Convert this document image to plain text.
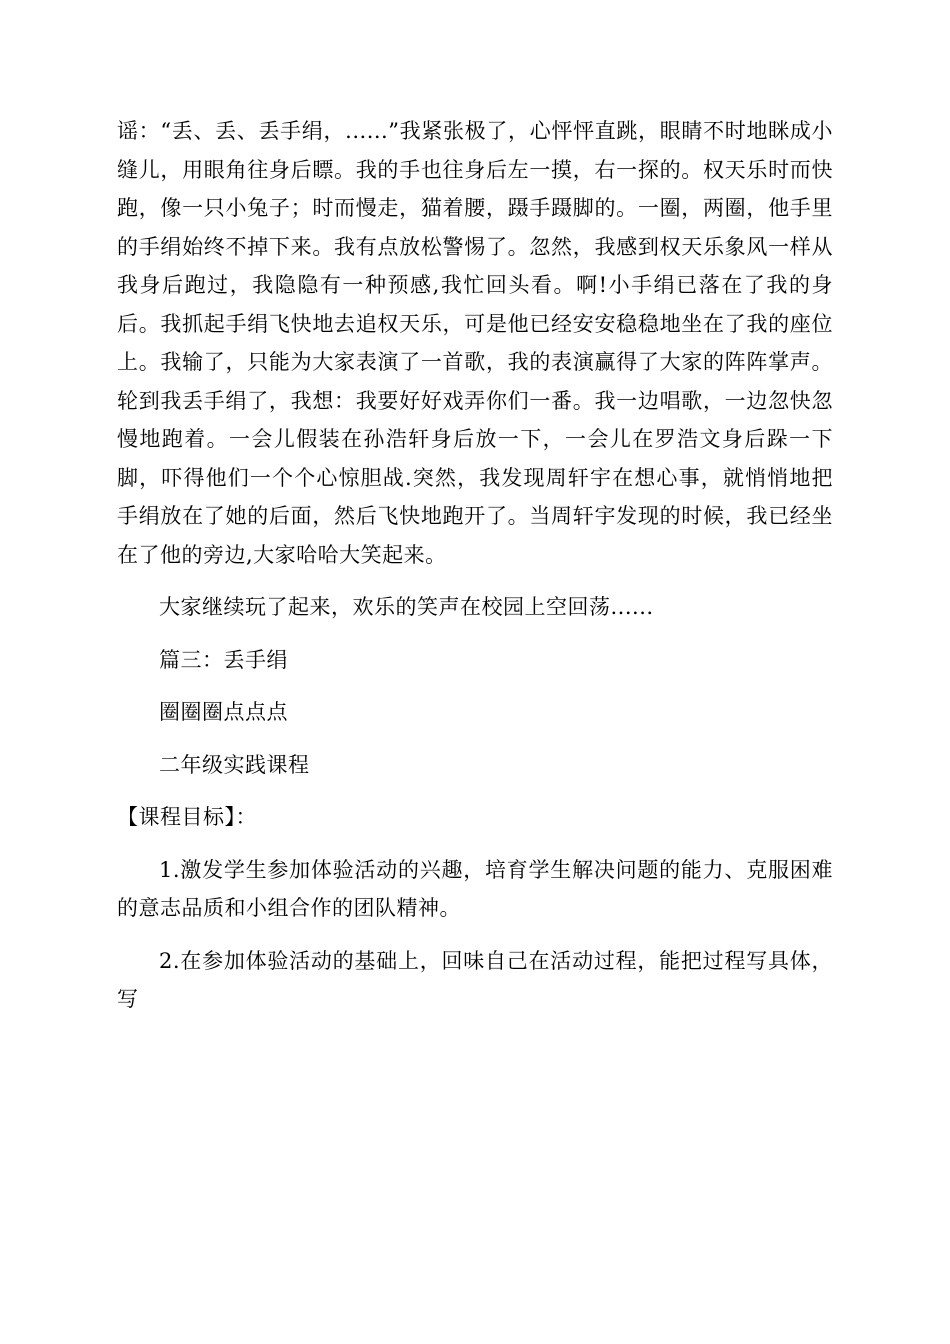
谣：“丢、丢、丢手绢，......”我紧张极了，心怦怦直跳，眼睛不时地眯成小缝儿，用眼角往身后瞟。我的手也往身后左一摸，右一探的。权天乐时而快跑，像一只小兔子；时而慢走，猫着腰，蹑手蹑脚的。一圈，两圈，他手里的手绢始终不掉下来。我有点放松警惕了。忽然，我感到权天乐象风一样从我身后跑过，我隐隐有一种预感,我忙回头看。啊!小手绢已落在了我的身后。我抓起手绢飞快地去追权天乐，可是他已经安安稳稳地坐在了我的座位上。我输了，只能为大家表演了一首歌，我的表演赢得了大家的阵阵掌声。轮到我丢手绢了，我想：我要好好戏弄你们一番。我一边唱歌，一边忽快忽慢地跑着。一会儿假装在孙浩轩身后放一下，一会儿在罗浩文身后跺一下脚，吓得他们一个个心惊胆战.突然，我发现周轩宇在想心事，就悄悄地把手绢放在了她的后面，然后飞快地跑开了。当周轩宇发现的时候，我已经坐在了他的旁边,大家哈哈大笑起来。

大家继续玩了起来，欢乐的笑声在校园上空回荡......

篇三：丢手绢

圈圈圈点点点

二年级实践课程

【课程目标】：

1.激发学生参加体验活动的兴趣，培育学生解决问题的能力、克服困难的意志品质和小组合作的团队精神。

2.在参加体验活动的基础上，回味自己在活动过程，能把过程写具体，写
